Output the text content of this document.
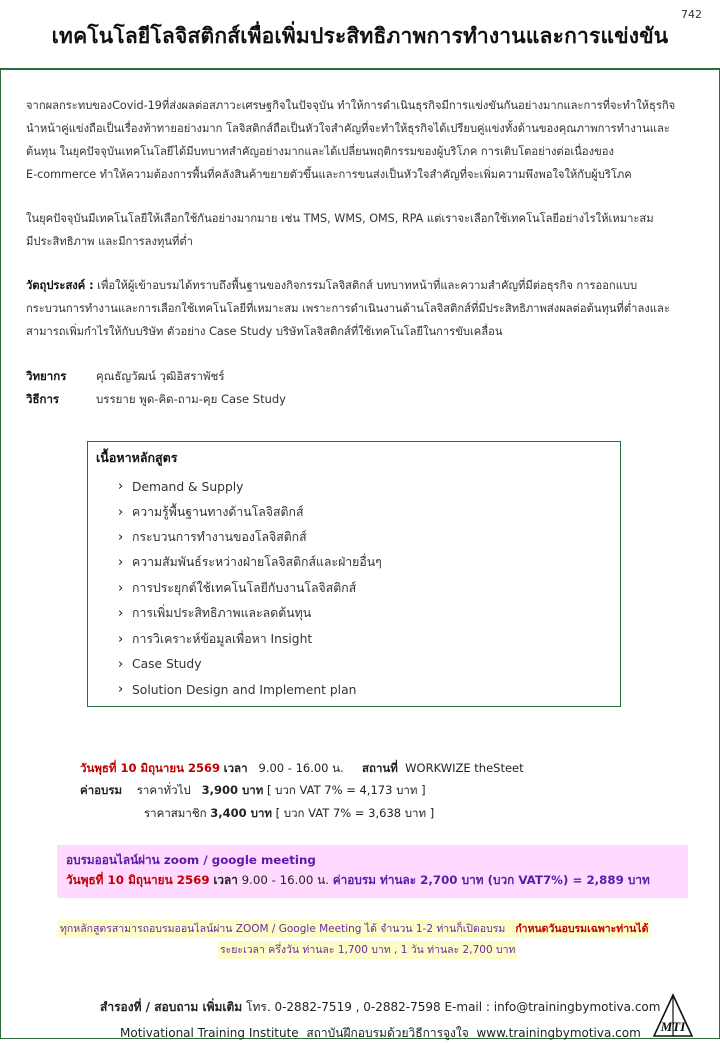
742
เทคโนโลยีโลจิสติกส์เพื่อเพิ่มประสิทธิภาพการทำงานและการแข่งขัน
จากผลกระทบของCovid-19ที่ส่งผลต่อสภาวะเศรษฐกิจในปัจจุบัน ทำให้การดำเนินธุรกิจมีการแข่งขันกันอย่างมากและการที่จะทำให้ธุรกิจ
นำหน้าคู่แข่งถือเป็นเรื่องท้าทายอย่างมาก โลจิสติกส์ถือเป็นหัวใจสำคัญที่จะทำให้ธุรกิจได้เปรียบคู่แข่งทั้งด้านของคุณภาพการทำงานและ
ต้นทุน ในยุคปัจจุบันเทคโนโลยีได้มีบทบาทสำคัญอย่างมากและได้เปลี่ยนพฤติกรรมของผู้บริโภค การเติบโตอย่างต่อเนื่องของ
E-commerce ทำให้ความต้องการพื้นที่คลังสินค้าขยายตัวขึ้นและการขนส่งเป็นหัวใจสำคัญที่จะเพิ่มความพึงพอใจให้กับผู้บริโภค
ในยุคปัจจุบันมีเทคโนโลยีให้เลือกใช้กันอย่างมากมาย เช่น TMS, WMS, OMS, RPA แต่เราจะเลือกใช้เทคโนโลยีอย่างไรให้เหมาะสม
มีประสิทธิภาพ และมีการลงทุนที่ต่ำ
วัตถุประสงค์ : เพื่อให้ผู้เข้าอบรมได้ทราบถึงพื้นฐานของกิจกรรมโลจิสติกส์ บทบาทหน้าที่และความสำคัญที่มีต่อธุรกิจ การออกแบบ
กระบวนการทำงานและการเลือกใช้เทคโนโลยีที่เหมาะสม เพราะการดำเนินงานด้านโลจิสติกส์ที่มีประสิทธิภาพส่งผลต่อต้นทุนที่ต่ำลงและ
สามารถเพิ่มกำไรให้กับบริษัท ตัวอย่าง Case Study บริษัทโลจิสติกส์ที่ใช้เทคโนโลยีในการขับเคลื่อน
วิทยากร	คุณธัญวัฒน์ วุฒิอิสราพัชร์
วิธีการ	บรรยาย พูด-คิด-ถาม-คุย Case Study
เนื้อหาหลักสูตร
› Demand & Supply
› ความรู้พื้นฐานทางด้านโลจิสติกส์
› กระบวนการทำงานของโลจิสติกส์
› ความสัมพันธ์ระหว่างฝ่ายโลจิสติกส์และฝ่ายอื่นๆ
› การประยุกต์ใช้เทคโนโลยีกับงานโลจิสติกส์
› การเพิ่มประสิทธิภาพและลดต้นทุน
› การวิเคราะห์ข้อมูลเพื่อหา Insight
› Case Study
› Solution Design and Implement plan
วันพุธที่ 10 มิถุนายน 2569 เวลา 9.00 - 16.00 น. สถานที่ WORKWIZE theSteet
ค่าอบรม ราคาทั่วไป 3,900 บาท [ บวก VAT 7% = 4,173 บาท ]
ราคาสมาชิก 3,400 บาท [ บวก VAT 7% = 3,638 บาท ]
อบรมออนไลน์ผ่าน zoom / google meeting
วันพุธที่ 10 มิถุนายน 2569 เวลา 9.00 - 16.00 น. ค่าอบรม ท่านละ 2,700 บาท (บวก VAT7%) = 2,889 บาท
ทุกหลักสูตรสามารถอบรมออนไลน์ผ่าน ZOOM / Google Meeting ได้ จำนวน 1-2 ท่านก็เปิดอบรม กำหนดวันอบรมเฉพาะท่านได้
ระยะเวลา ครึ่งวัน ท่านละ 1,700 บาท , 1 วัน ท่านละ 2,700 บาท
สำรองที่ / สอบถาม เพิ่มเติม โทร. 0-2882-7519 , 0-2882-7598 E-mail : info@trainingbymotiva.com
Motivational Training Institute สถาบันฝึกอบรมด้วยวิธีการจูงใจ www.trainingbymotiva.com MTI
